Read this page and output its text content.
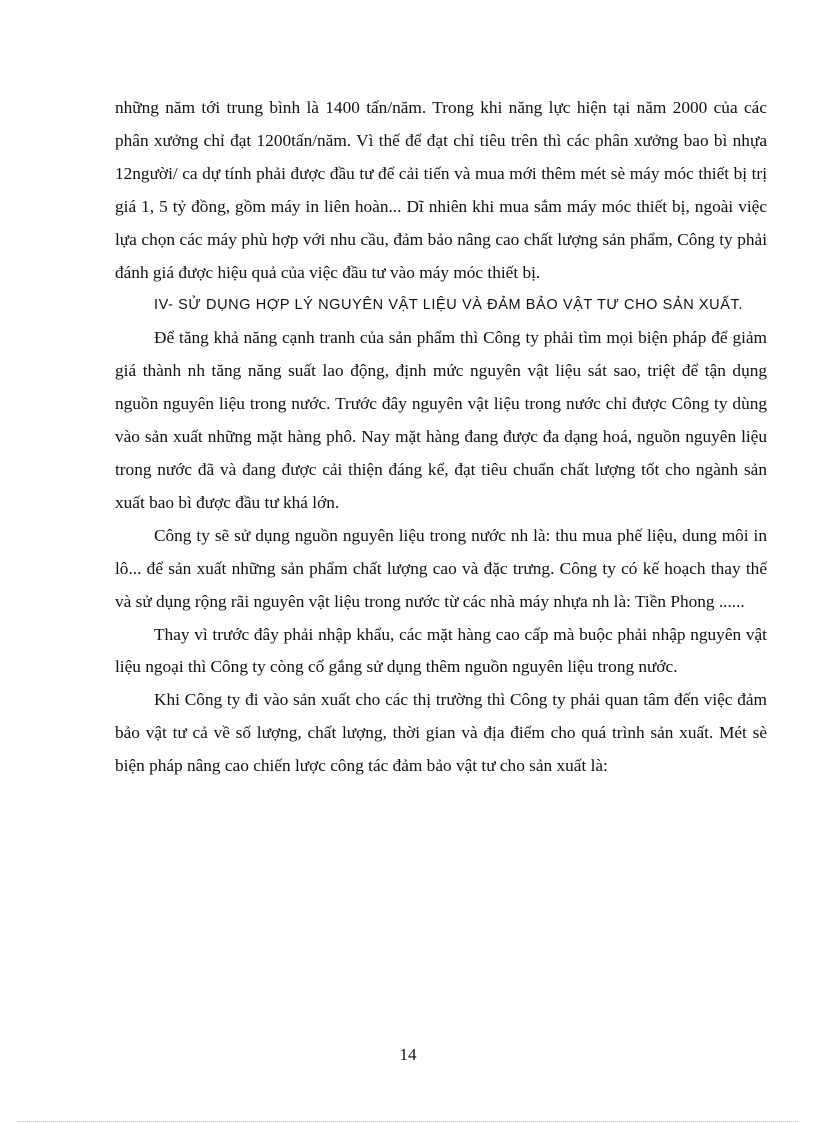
những năm tới trung bình là 1400 tấn/năm. Trong khi năng lực hiện tại năm 2000 của các phân xưởng chỉ đạt 1200tấn/năm. Vì thế để đạt chỉ tiêu trên thì các phân xưởng bao bì nhựa 12người/ ca dự tính phải được đầu tư để cải tiến và mua mới thêm mét sè máy móc thiết bị trị giá 1, 5 tỷ đồng, gồm máy in liên hoàn... Dĩ nhiên khi mua sắm máy móc thiết bị, ngoài việc lựa chọn các máy phù hợp với nhu cầu, đảm bảo nâng cao chất lượng sản phẩm, Công ty phải đánh giá được hiệu quả của việc đầu tư vào máy móc thiết bị.

IV- SỬ DỤNG HỢP LÝ NGUYÊN VẬT LIỆU VÀ ĐẢM BẢO VẬT TƯ CHO SẢN XUẤT.

Để tăng khả năng cạnh tranh của sản phẩm thì Công ty phải tìm mọi biện pháp để giảm giá thành nh tăng năng suất lao động, định mức nguyên vật liệu sát sao, triệt để tận dụng nguồn nguyên liệu trong nước. Trước đây nguyên vật liệu trong nước chỉ được Công ty dùng vào sản xuất những mặt hàng phô. Nay mặt hàng đang được đa dạng hoá, nguồn nguyên liệu trong nước đã và đang được cải thiện đáng kể, đạt tiêu chuẩn chất lượng tốt cho ngành sản xuất bao bì được đầu tư khá lớn.

Công ty sẽ sử dụng nguồn nguyên liệu trong nước nh là: thu mua phế liệu, dung môi in lô... để sản xuất những sản phẩm chất lượng cao và đặc trưng. Công ty có kế hoạch thay thế và sử dụng rộng rãi nguyên vật liệu trong nước từ các nhà máy nhựa nh là: Tiền Phong ......

Thay vì trước đây phải nhập khẩu, các mặt hàng cao cấp mà buộc phải nhập nguyên vật liệu ngoại thì Công ty còng cố gắng sử dụng thêm nguồn nguyên liệu trong nước.

Khi Công ty đi vào sản xuất cho các thị trường thì Công ty phải quan tâm đến việc đảm bảo vật tư cả về số lượng, chất lượng, thời gian và địa điểm cho quá trình sản xuất. Mét sè biện pháp nâng cao chiến lược công tác đảm bảo vật tư cho sản xuất là:

14
